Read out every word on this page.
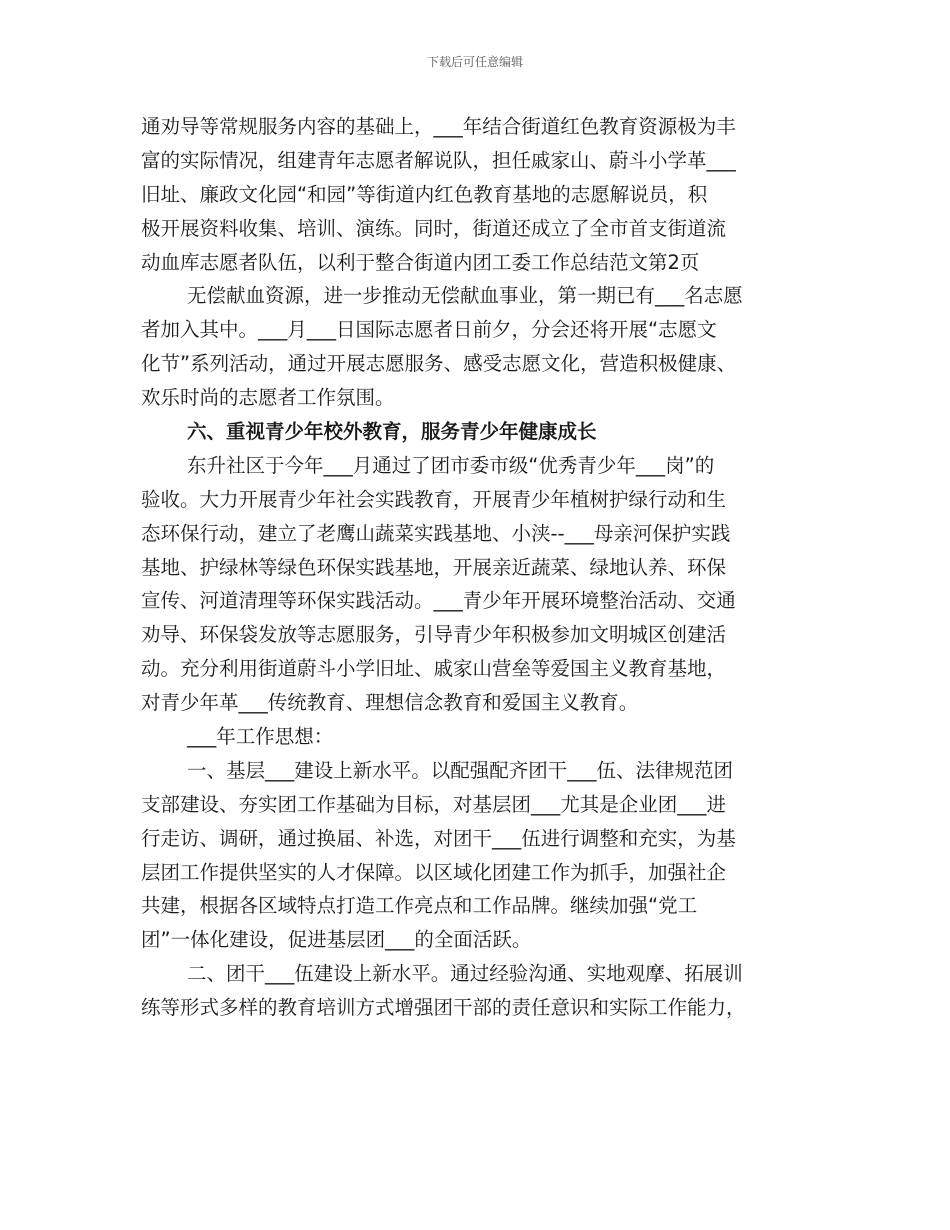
下载后可任意编辑
通劝导等常规服务内容的基础上，___年结合街道红色教育资源极为丰
富的实际情况，组建青年志愿者解说队，担任戚家山、蔚斗小学革___
旧址、廉政文化园“和园”等街道内红色教育基地的志愿解说员，积
极开展资料收集、培训、演练。同时，街道还成立了全市首支街道流
动血库志愿者队伍，以利于整合街道内团工委工作总结范文第2页
无偿献血资源，进一步推动无偿献血事业，第一期已有___名志愿
者加入其中。___月___日国际志愿者日前夕，分会还将开展“志愿文
化节”系列活动，通过开展志愿服务、感受志愿文化，营造积极健康、
欢乐时尚的志愿者工作氛围。
六、重视青少年校外教育，服务青少年健康成长
东升社区于今年___月通过了团市委市级“优秀青少年___岗”的
验收。大力开展青少年社会实践教育，开展青少年植树护绿行动和生
态环保行动，建立了老鹰山蔬菜实践基地、小浃--___母亲河保护实践
基地、护绿林等绿色环保实践基地，开展亲近蔬菜、绿地认养、环保
宣传、河道清理等环保实践活动。___青少年开展环境整治活动、交通
劝导、环保袋发放等志愿服务，引导青少年积极参加文明城区创建活
动。充分利用街道蔚斗小学旧址、戚家山营垒等爱国主义教育基地，
对青少年革___传统教育、理想信念教育和爱国主义教育。
___年工作思想：
一、基层___建设上新水平。以配强配齐团干___伍、法律规范团
支部建设、夯实团工作基础为目标，对基层团___尤其是企业团___进
行走访、调研，通过换届、补选，对团干___伍进行调整和充实，为基
层团工作提供坚实的人才保障。以区域化团建工作为抓手，加强社企
共建，根据各区域特点打造工作亮点和工作品牌。继续加强“党工
团”一体化建设，促进基层团___的全面活跃。
二、团干___伍建设上新水平。通过经验沟通、实地观摩、拓展训
练等形式多样的教育培训方式增强团干部的责任意识和实际工作能力，
